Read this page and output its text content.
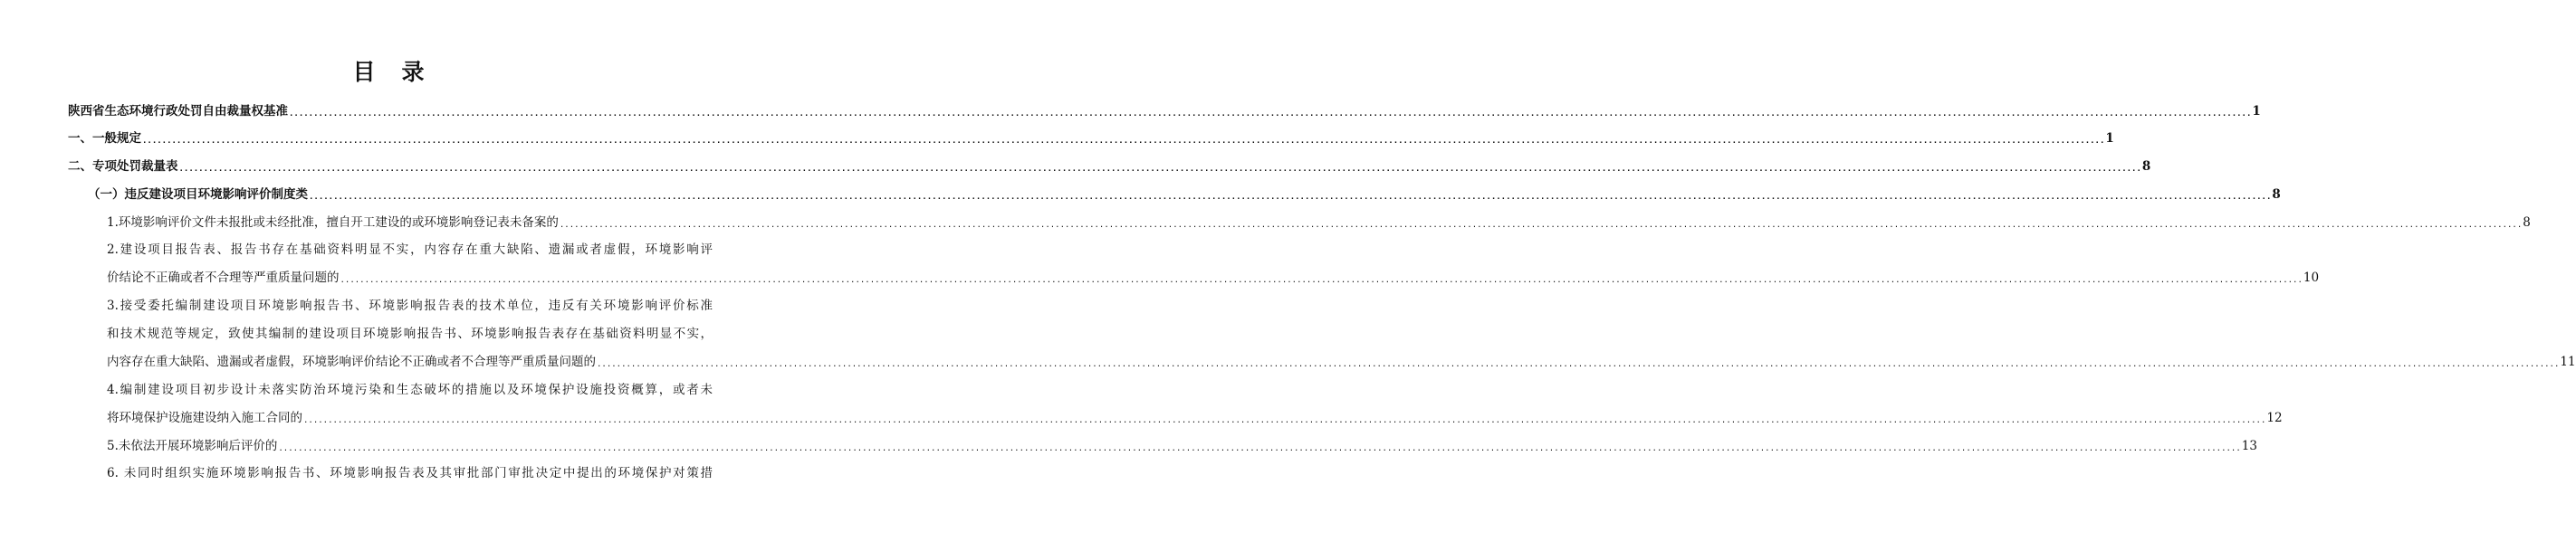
目　录
陕西省生态环境行政处罚自由裁量权基准 ................................................................................................................................................................................................................................................................................................................................................................................................................ 1
一、一般规定 ................................................................................................................................................................................................................................................................................................................................................................................................................ 1
二、专项处罚裁量表 ................................................................................................................................................................................................................................................................................................................................................................................................................ 8
（一）违反建设项目环境影响评价制度类 ................................................................................................................................................................................................................................................................................................................................................................................................................ 8
1.环境影响评价文件未报批或未经批准，擅自开工建设的或环境影响登记表未备案的 ................................................................................................................................................................................................................................................................................................................................................................................................................ 8
2.建设项目报告表、报告书存在基础资料明显不实，内容存在重大缺陷、遗漏或者虚假，环境影响评
价结论不正确或者不合理等严重质量问题的 ................................................................................................................................................................................................................................................................................................................................................................................................................ 10
3.接受委托编制建设项目环境影响报告书、环境影响报告表的技术单位，违反有关环境影响评价标准
和技术规范等规定，致使其编制的建设项目环境影响报告书、环境影响报告表存在基础资料明显不实，
内容存在重大缺陷、遗漏或者虚假，环境影响评价结论不正确或者不合理等严重质量问题的 ................................................................................................................................................................................................................................................................................................................................................................................................................ 11
4.编制建设项目初步设计未落实防治环境污染和生态破坏的措施以及环境保护设施投资概算，或者未
将环境保护设施建设纳入施工合同的 ................................................................................................................................................................................................................................................................................................................................................................................................................ 12
5.未依法开展环境影响后评价的 ................................................................................................................................................................................................................................................................................................................................................................................................................ 13
6. 未同时组织实施环境影响报告书、环境影响报告表及其审批部门审批决定中提出的环境保护对策措
